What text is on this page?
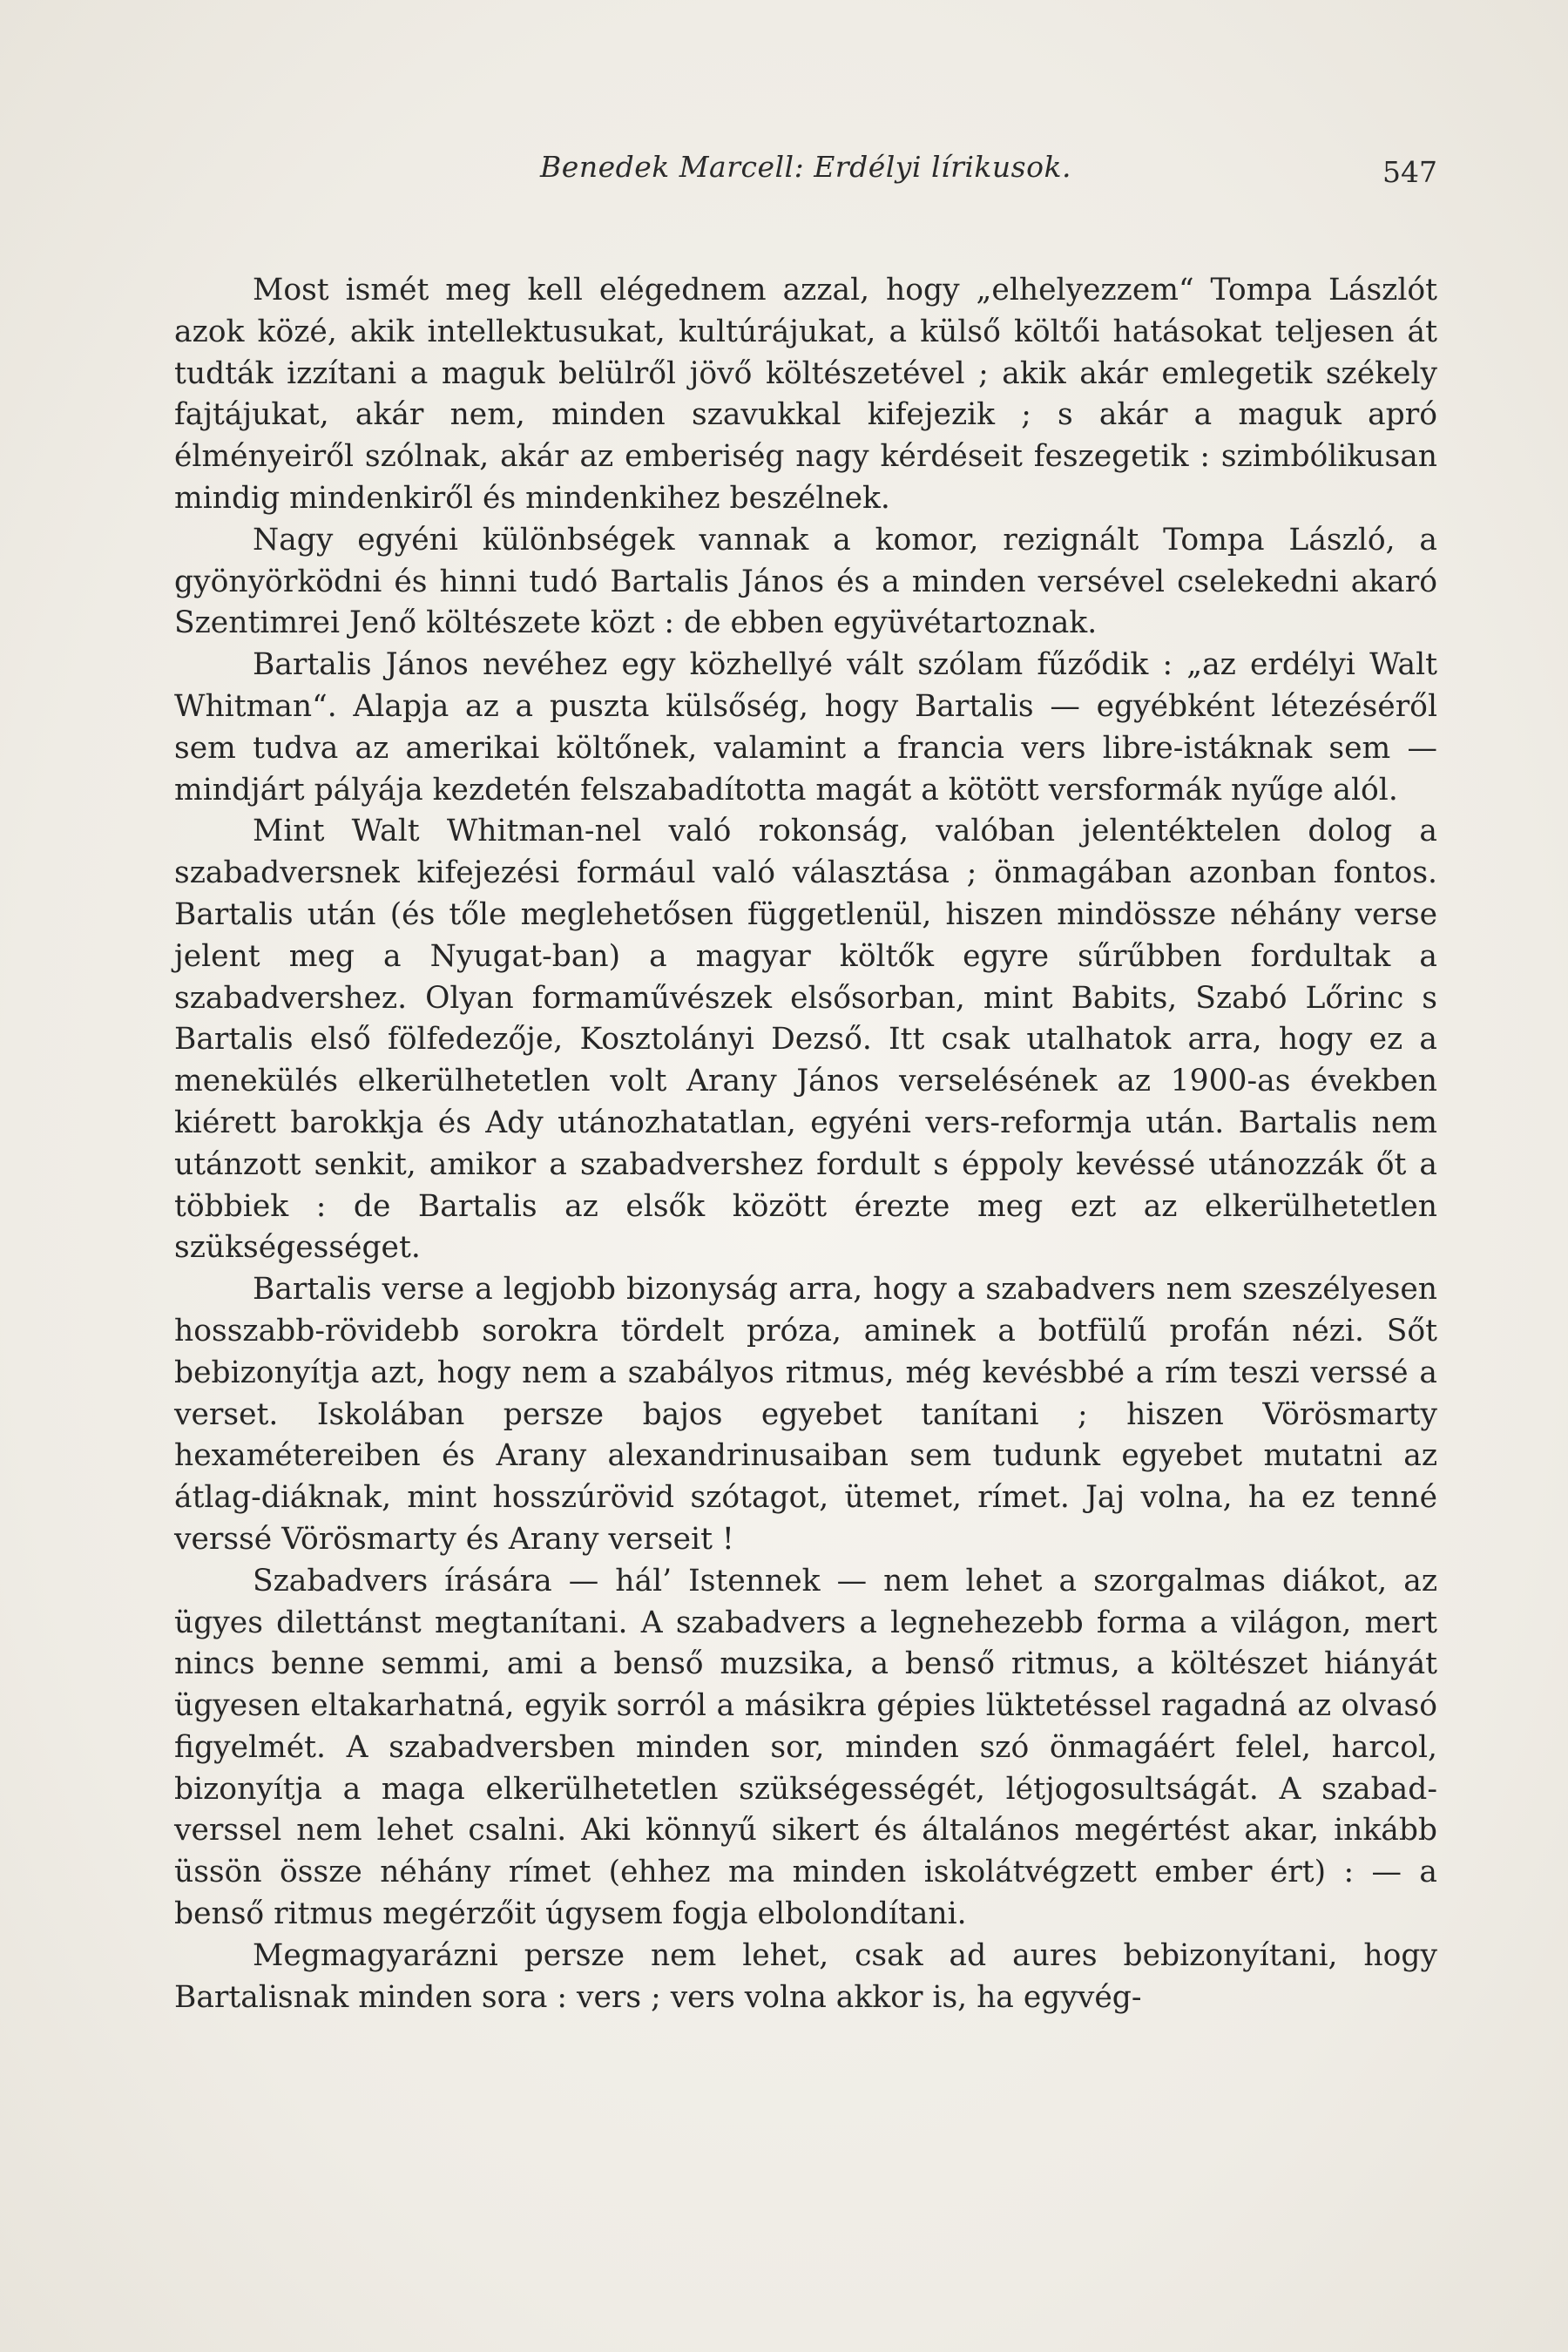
Benedek Marcell: Erdélyi lírikusok.	547

Most ismét meg kell elégednem azzal, hogy „elhelyezzem“ Tompa Lászlót azok közé, akik intellektusukat, kultúrájukat, a külső költői hatásokat teljesen át tudták izzítani a maguk belülről jövő költészetével ; akik akár emlegetik székely fajtájukat, akár nem, minden szavukkal kifejezik ; s akár a maguk apró élményeiről szólnak, akár az emberiség nagy kérdéseit feszegetik : szimbólikusan mindig mindenkiről és mindenkihez beszélnek.

Nagy egyéni különbségek vannak a komor, rezignált Tompa László, a gyönyörködni és hinni tudó Bartalis János és a minden versével cselekedni akaró Szentimrei Jenő költészete közt : de ebben együvétartoznak.

Bartalis János nevéhez egy közhellyé vált szólam fűződik : „az erdélyi Walt Whitman“. Alapja az a puszta külsőség, hogy Bartalis — egyébként létezéséről sem tudva az amerikai költőnek, valamint a francia vers libre-istáknak sem — mindjárt pályája kezdetén felszabadította magát a kötött versformák nyűge alól.

Mint Walt Whitman-nel való rokonság, valóban jelentéktelen dolog a szabadversnek kifejezési formául való választása ; önmagában azonban fontos. Bartalis után (és tőle meglehetősen függetlenül, hiszen mindössze néhány verse jelent meg a Nyugat-ban) a magyar költők egyre sűrűbben fordultak a szabadvershez. Olyan formaművészek elsősorban, mint Babits, Szabó Lőrinc s Bartalis első fölfedezője, Kosztolányi Dezső. Itt csak utalhatok arra, hogy ez a menekülés elkerülhetetlen volt Arany János verselésének az 1900-as években kiérett barokkja és Ady utánozhatatlan, egyéni vers-reformja után. Bartalis nem utánzott senkit, amikor a szabadvershez fordult s éppoly kevéssé utánozzák őt a többiek : de Bartalis az elsők között érezte meg ezt az elkerülhetetlen szükségességet.

Bartalis verse a legjobb bizonyság arra, hogy a szabadvers nem szeszélyesen hosszabb-rövidebb sorokra tördelt próza, aminek a botfülű profán nézi. Sőt bebizonyítja azt, hogy nem a szabályos ritmus, még kevésbbé a rím teszi verssé a verset. Iskolában persze bajos egyebet tanítani ; hiszen Vörösmarty hexamétereiben és Arany alexandrinusaiban sem tudunk egyebet mutatni az átlag-diáknak, mint hosszúrövid szótagot, ütemet, rímet. Jaj volna, ha ez tenné verssé Vörösmarty és Arany verseit !

Szabadvers írására — hál’ Istennek — nem lehet a szorgalmas diákot, az ügyes dilettánst megtanítani. A szabadvers a legnehezebb forma a világon, mert nincs benne semmi, ami a benső muzsika, a benső ritmus, a költészet hiányát ügyesen eltakarhatná, egyik sorról a másikra gépies lüktetéssel ragadná az olvasó figyelmét. A szabadversben minden sor, minden szó önmagáért felel, harcol, bizonyítja a maga elkerülhetetlen szükségességét, létjogosultságát. A szabadverssel nem lehet csalni. Aki könnyű sikert és általános megértést akar, inkább üssön össze néhány rímet (ehhez ma minden iskolátvégzett ember ért) : — a benső ritmus megérzőit úgysem fogja elbolondítani.

Megmagyarázni persze nem lehet, csak ad aures bebizonyítani, hogy Bartalisnak minden sora : vers ; vers volna akkor is, ha egyvég-
